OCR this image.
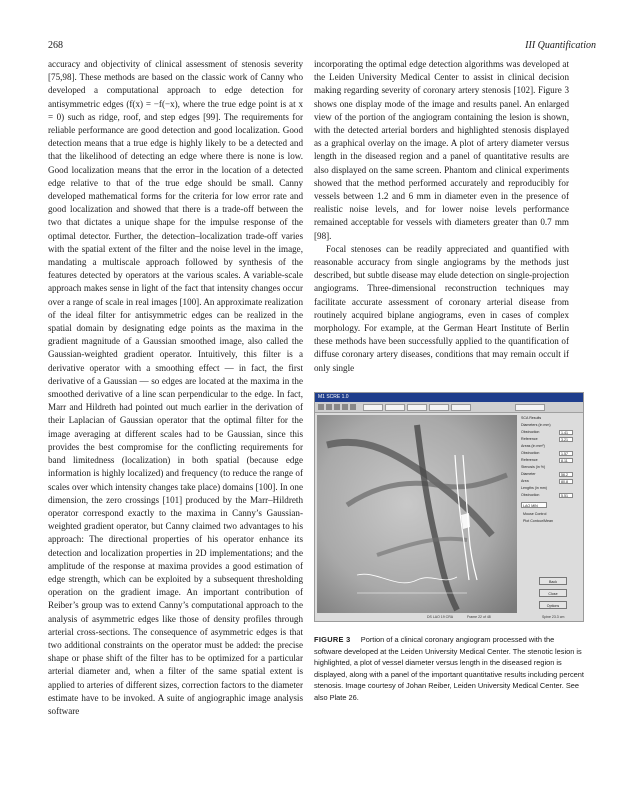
268	III Quantification

accuracy and objectivity of clinical assessment of stenosis severity [75,98]. These methods are based on the classic work of Canny who developed a computational approach to edge detection for antisymmetric edges (f(x) = −f(−x), where the true edge point is at x = 0) such as ridge, roof, and step edges [99]. The requirements for reliable performance are good detection and good localization. Good detection means that a true edge is highly likely to be a detected and that the likelihood of detecting an edge where there is none is low. Good localization means that the error in the location of a detected edge relative to that of the true edge should be small. Canny developed mathematical forms for the criteria for low error rate and good localization and showed that there is a trade-off between the two that dictates a unique shape for the impulse response of the optimal detector. Further, the detection–localization trade-off varies with the spatial extent of the filter and the noise level in the image, mandating a multiscale approach followed by synthesis of the features detected by operators at the various scales. A variable-scale approach makes sense in light of the fact that intensity changes occur over a range of scale in real images [100]. An approximate realization of the ideal filter for antisymmetric edges can be realized in the spatial domain by designating edge points as the maxima in the gradient magnitude of a Gaussian smoothed image, also called the Gaussian-weighted gradient operator. Intuitively, this filter is a derivative operator with a smoothing effect — in fact, the first derivative of a Gaussian — so edges are located at the maxima in the smoothed derivative of a line scan perpendicular to the edge. In fact, Marr and Hildreth had pointed out much earlier in the derivation of their Laplacian of Gaussian operator that the optimal filter for the image averaging at different scales had to be Gaussian, since this provides the best compromise for the conflicting requirements for band limitedness (localization) in both spatial (because edge information is highly localized) and frequency (to reduce the range of scales over which intensity changes take place) domains [100]. In one dimension, the zero crossings [101] produced by the Marr–Hildreth operator correspond exactly to the maxima in Canny’s Gaussian-weighted gradient operator, but Canny claimed two advantages to his approach: The directional properties of his operator enhance its detection and localization properties in 2D implementations; and the amplitude of the response at maxima provides a good estimation of edge strength, which can be exploited by a subsequent thresholding operation on the gradient image. An important contribution of Reiber’s group was to extend Canny’s computational approach to the analysis of asymmetric edges like those of density profiles through arterial cross-sections. The consequence of asymmetric edges is that two additional constraints on the operator must be added: the precise shape or phase shift of the filter has to be optimized for a particular arterial diameter and, when a filter of the same spatial extent is applied to arteries of different sizes, correction factors to the diameter estimate have to be invoked. A suite of angiographic image analysis software

incorporating the optimal edge detection algorithms was developed at the Leiden University Medical Center to assist in clinical decision making regarding severity of coronary artery stenosis [102]. Figure 3 shows one display mode of the image and results panel. An enlarged view of the portion of the angiogram containing the lesion is shown, with the detected arterial borders and highlighted stenosis displayed as a graphical overlay on the image. A plot of artery diameter versus length in the diseased region and a panel of quantitative results are also displayed on the same screen. Phantom and clinical experiments showed that the method performed accurately and reproducibly for vessels between 1.2 and 6 mm in diameter even in the presence of realistic noise levels, and for lower noise levels performance remained acceptable for vessels with diameters greater than 0.7 mm [98].

Focal stenoses can be readily appreciated and quantified with reasonable accuracy from single angiograms by the methods just described, but subtle disease may elude detection on single-projection angiograms. Three-dimensional reconstruction techniques may facilitate accurate assessment of coronary arterial disease from routinely acquired biplane angiograms, even in cases of complex morphology. For example, at the German Heart Institute of Berlin these methods have been successfully applied to the quantification of diffuse coronary artery diseases, conditions that may remain occult if only single

M1 SCRE 1.0
SCA Results
Diameters (in mm)
Obstruction	1.41
Reference	3.21
Areas (in mm²)
Obstruction	1.57
Reference	8.11
Stenosis (in %)
Diameter	56.2
Area	80.8
Lengths (in mm)
Obstruction	5.51
LAO MIN
Mouse Control
Plot Contour/Mean
Back
Close
Options
DS LAO 19 CRA	Frame 22 of 48	Spine 23.3 cm
FIGURE 3 Portion of a clinical coronary angiogram processed with the software developed at the Leiden University Medical Center. The stenotic lesion is highlighted, a plot of vessel diameter versus length in the diseased region is displayed, along with a panel of the important quantitative results including percent stenosis. Image courtesy of Johan Reiber, Leiden University Medical Center. See also Plate 26.
